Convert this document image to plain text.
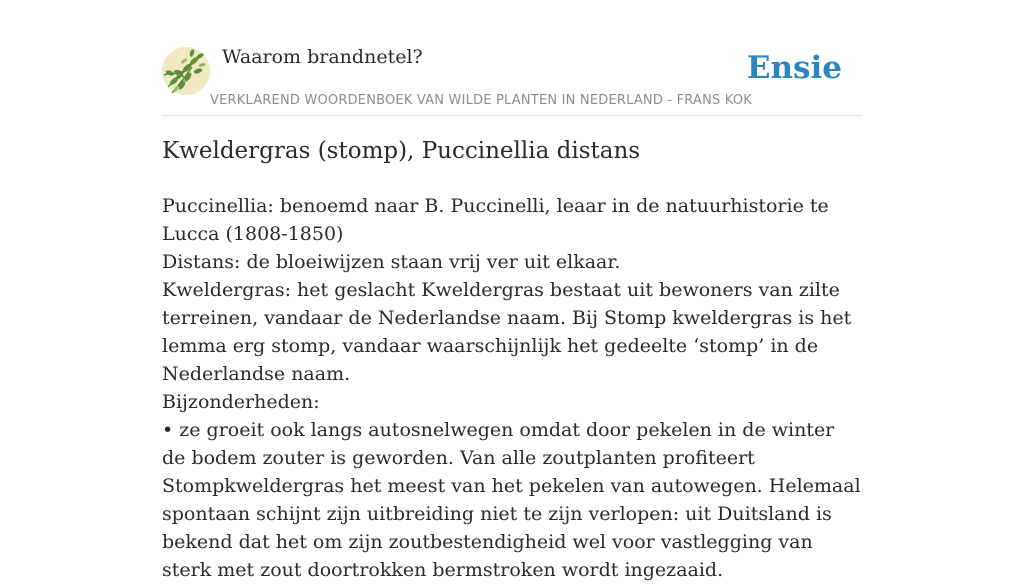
Waarom brandnetel?
VERKLAREND WOORDENBOEK VAN WILDE PLANTEN IN NEDERLAND - FRANS KOK
Ensie
Kweldergras (stomp), Puccinellia distans

Puccinellia: benoemd naar B. Puccinelli, leaar in de natuurhistorie te Lucca (1808-1850)

Distans: de bloeiwijzen staan vrij ver uit elkaar.

Kweldergras: het geslacht Kweldergras bestaat uit bewoners van zilte terreinen, vandaar de Nederlandse naam. Bij Stomp kweldergras is het lemma erg stomp, vandaar waarschijnlijk het gedeelte ‘stomp’ in de Nederlandse naam.

Bijzonderheden:

• ze groeit ook langs autosnelwegen omdat door pekelen in de winter de bodem zouter is geworden. Van alle zoutplanten profiteert Stompkweldergras het meest van het pekelen van autowegen. Helemaal spontaan schijnt zijn uitbreiding niet te zijn verlopen: uit Duitsland is bekend dat het om zijn zoutbestendigheid wel voor vastlegging van sterk met zout doortrokken bermstroken wordt ingezaaid.
